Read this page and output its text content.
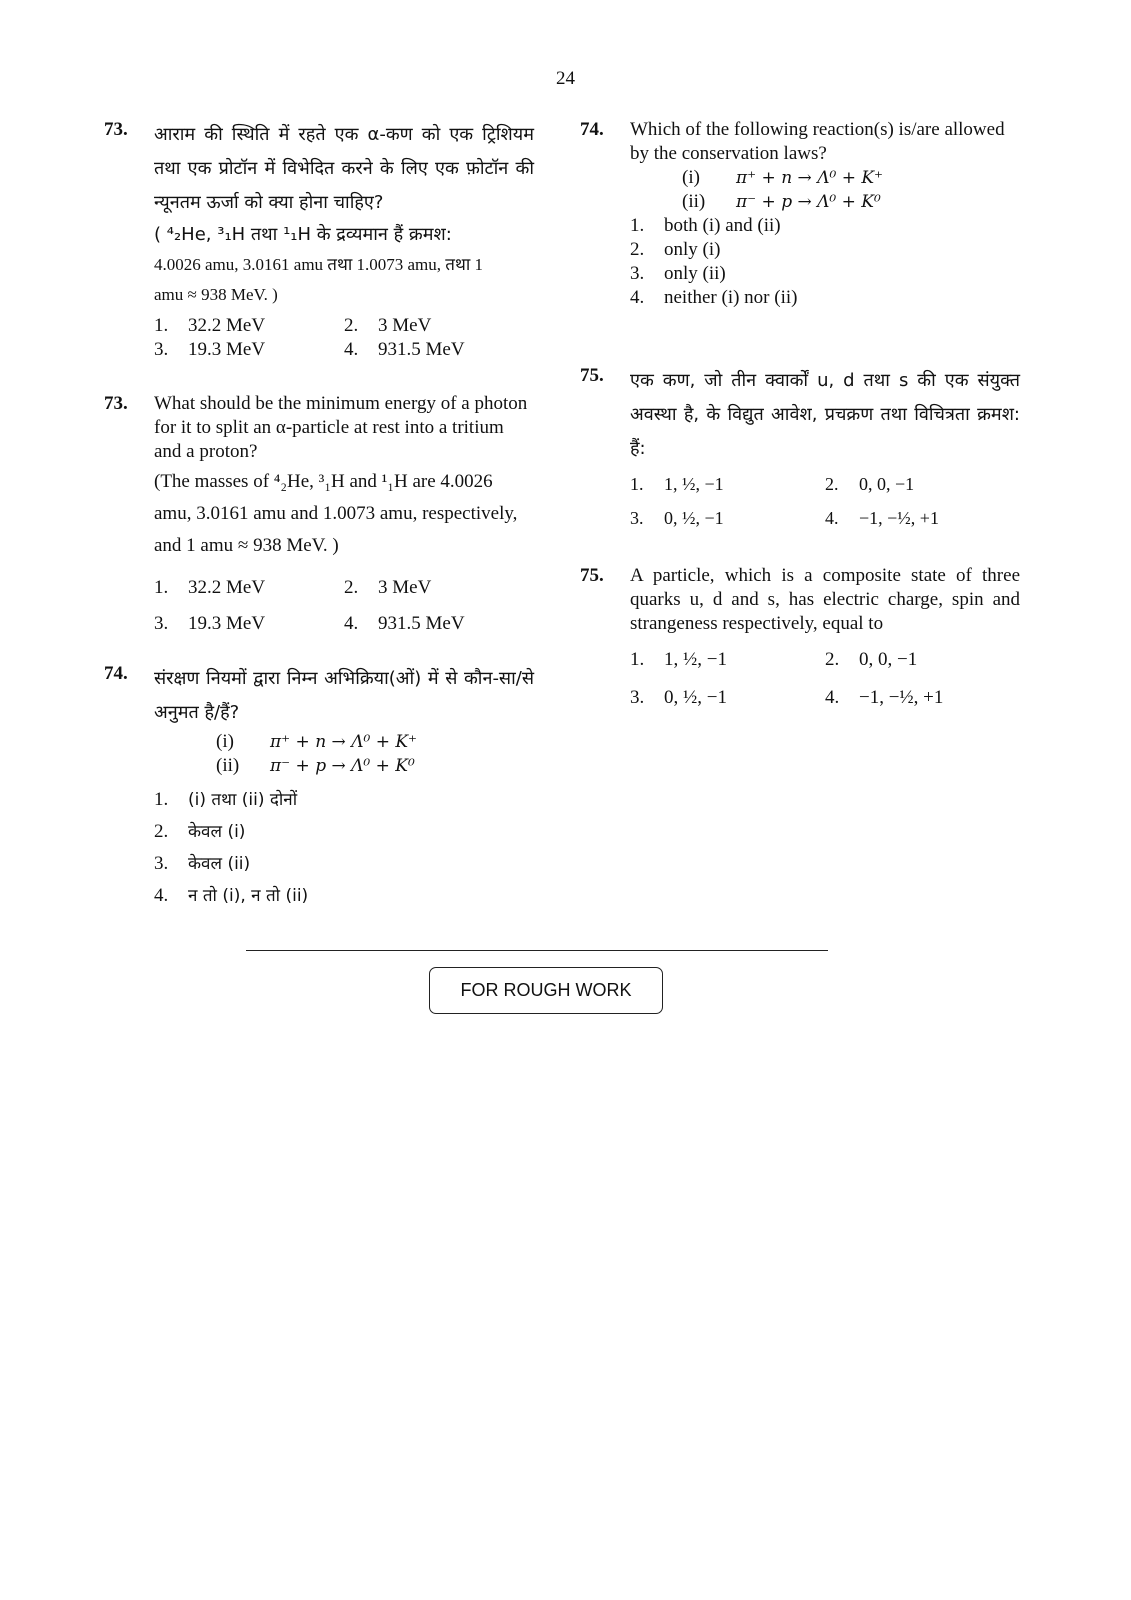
24
73. आराम की स्थिति में रहते एक α-कण को एक ट्रिशियम तथा एक प्रोटॉन में विभेदित करने के लिए एक फ़ोटॉन की न्यूनतम ऊर्जा को क्या होना चाहिए?
( ⁴₂He, ³₁H तथा ¹₁H के द्रव्यमान हैं क्रमश:
4.0026 amu, 3.0161 amu तथा 1.0073 amu, तथा 1
amu ≈ 938 MeV. )
1.	32.2 MeV	2.	3 MeV
3.	19.3 MeV	4.	931.5 MeV
73. What should be the minimum energy of a photon for it to split an α-particle at rest into a tritium and a proton?
(The masses of ⁴₂He, ³₁H and ¹₁H are 4.0026 amu, 3.0161 amu and 1.0073 amu, respectively, and 1 amu ≈ 938 MeV. )
1.	32.2 MeV	2.	3 MeV
3.	19.3 MeV	4.	931.5 MeV
74. संरक्षण नियमों द्वारा निम्न अभिक्रिया(ओं) में से कौन-सा/से अनुमत है/हैं?
(i)	π⁺ + n → Λ⁰ + K⁺
(ii)	π⁻ + p → Λ⁰ + K⁰
1.	(i) तथा (ii) दोनों
2.	केवल (i)
3.	केवल (ii)
4.	न तो (i), न तो (ii)
74. Which of the following reaction(s) is/are allowed by the conservation laws?
(i)	π⁺ + n → Λ⁰ + K⁺
(ii)	π⁻ + p → Λ⁰ + K⁰
1.	both (i) and (ii)
2.	only (i)
3.	only (ii)
4.	neither (i) nor (ii)
75. एक कण, जो तीन क्वार्कों u, d तथा s की एक संयुक्त अवस्था है, के विद्युत आवेश, प्रचक्रण तथा विचित्रता क्रमश: हैं:
1.	1, ½, −1	2.	0, 0, −1
3.	0, ½, −1	4.	−1, −½, +1
75. A particle, which is a composite state of three quarks u, d and s, has electric charge, spin and strangeness respectively, equal to
1.	1, ½, −1	2.	0, 0, −1
3.	0, ½, −1	4.	−1, −½, +1
FOR ROUGH WORK
